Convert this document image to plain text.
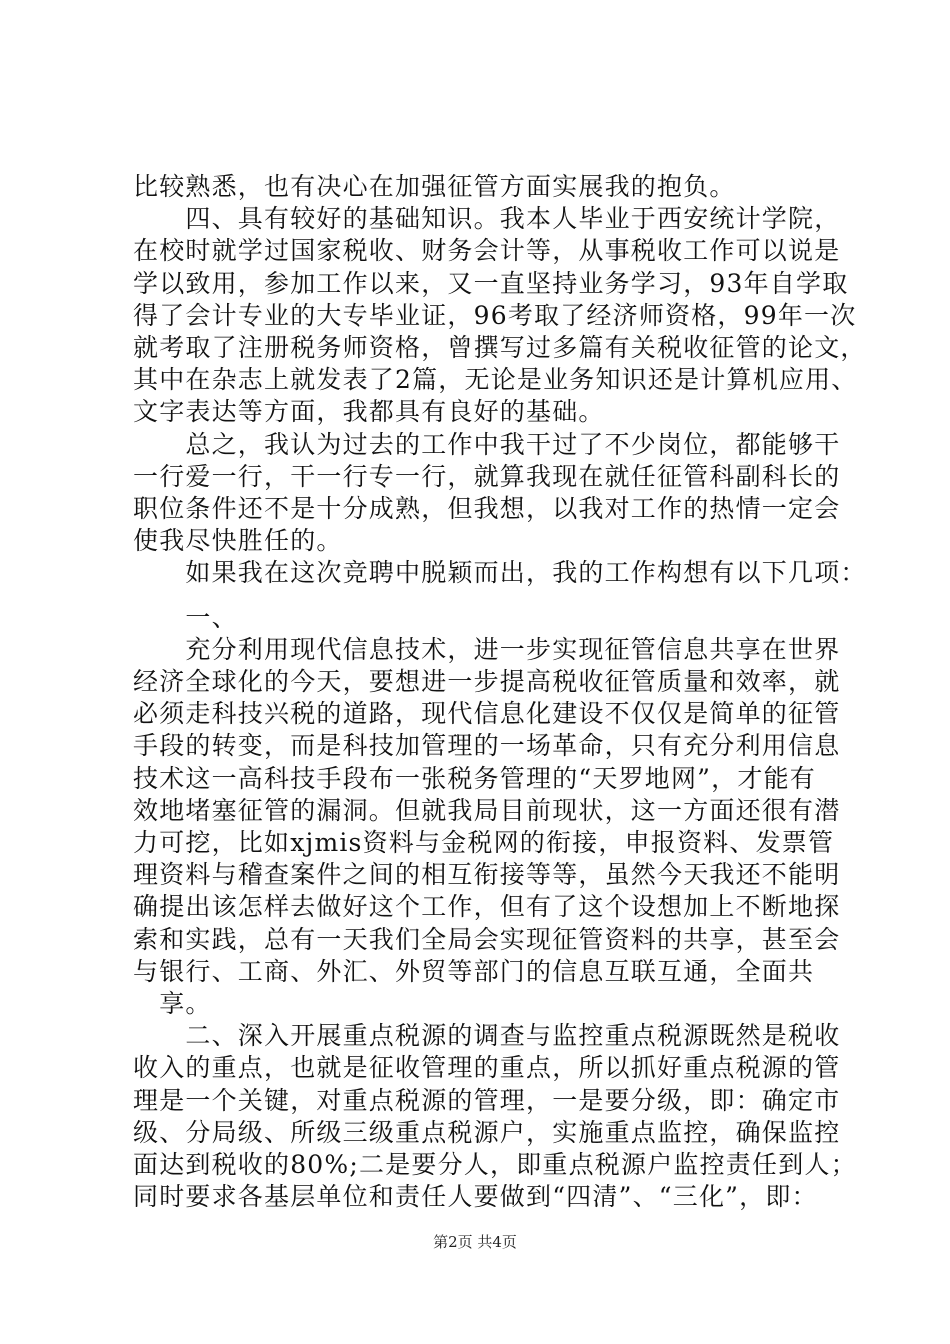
比较熟悉，也有决心在加强征管方面实展我的抱负。
　　四、具有较好的基础知识。我本人毕业于西安统计学院，
在校时就学过国家税收、财务会计等，从事税收工作可以说是
学以致用，参加工作以来，又一直坚持业务学习，93年自学取
得了会计专业的大专毕业证，96考取了经济师资格，99年一次
就考取了注册税务师资格，曾撰写过多篇有关税收征管的论文，
其中在杂志上就发表了2篇，无论是业务知识还是计算机应用、
文字表达等方面，我都具有良好的基础。
　　总之，我认为过去的工作中我干过了不少岗位，都能够干
一行爱一行，干一行专一行，就算我现在就任征管科副科长的
职位条件还不是十分成熟，但我想，以我对工作的热情一定会
使我尽快胜任的。
　　如果我在这次竞聘中脱颖而出，我的工作构想有以下几项：
　　一、
　　充分利用现代信息技术，进一步实现征管信息共享在世界
经济全球化的今天，要想进一步提高税收征管质量和效率，就
必须走科技兴税的道路，现代信息化建设不仅仅是简单的征管
手段的转变，而是科技加管理的一场革命，只有充分利用信息
技术这一高科技手段布一张税务管理的“天罗地网”，才能有
效地堵塞征管的漏洞。但就我局目前现状，这一方面还很有潜
力可挖，比如xjmis资料与金税网的衔接，申报资料、发票管
理资料与稽查案件之间的相互衔接等等，虽然今天我还不能明
确提出该怎样去做好这个工作，但有了这个设想加上不断地探
索和实践，总有一天我们全局会实现征管资料的共享，甚至会
与银行、工商、外汇、外贸等部门的信息互联互通，全面共
　享。
　　二、深入开展重点税源的调查与监控重点税源既然是税收
收入的重点，也就是征收管理的重点，所以抓好重点税源的管
理是一个关键，对重点税源的管理，一是要分级，即：确定市
级、分局级、所级三级重点税源户，实施重点监控，确保监控
面达到税收的80%;二是要分人，即重点税源户监控责任到人；
同时要求各基层单位和责任人要做到“四清”、“三化”，即：
第2页 共4页
